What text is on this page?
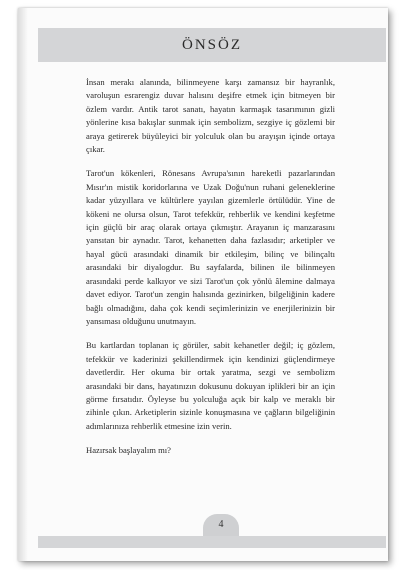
ÖNSÖZ

İnsan merakı alanında, bilinmeyene karşı zamansız bir hayranlık, varoluşun esrarengiz duvar halısını deşifre etmek için bitmeyen bir özlem vardır. Antik tarot sanatı, hayatın karmaşık tasarımının gizli yönlerine kısa bakışlar sunmak için sembolizm, sezgiye iç gözlemi bir araya getirerek büyüleyici bir yolculuk olan bu arayışın içinde ortaya çıkar.

Tarot'un kökenleri, Rönesans Avrupa'sının hareketli pazarlarından Mısır'ın mistik koridorlarına ve Uzak Doğu'nun ruhani geleneklerine kadar yüzyıllara ve kültürlere yayılan gizemlerle örtülüdür. Yine de kökeni ne olursa olsun, Tarot tefekkür, rehberlik ve kendini keşfetme için güçlü bir araç olarak ortaya çıkmıştır. Arayanın iç manzarasını yansıtan bir aynadır. Tarot, kehanetten daha fazlasıdır; arketipler ve hayal gücü arasındaki dinamik bir etkileşim, bilinç ve bilinçaltı arasındaki bir diyalogdur. Bu sayfalarda, bilinen ile bilinmeyen arasındaki perde kalkıyor ve sizi Tarot'un çok yönlü âlemine dalmaya davet ediyor. Tarot'un zengin halısında gezinirken, bilgeliğinin kadere bağlı olmadığını, daha çok kendi seçimlerinizin ve enerjilerinizin bir yansıması olduğunu unutmayın.

Bu kartlardan toplanan iç görüler, sabit kehanetler değil; iç gözlem, tefekkür ve kaderinizi şekillendirmek için kendinizi güçlendirmeye davetlerdir. Her okuma bir ortak yaratma, sezgi ve sembolizm arasındaki bir dans, hayatınızın dokusunu dokuyan iplikleri bir an için görme fırsatıdır. Öyleyse bu yolculuğa açık bir kalp ve meraklı bir zihinle çıkın. Arketiplerin sizinle konuşmasına ve çağların bilgeliğinin adımlarınıza rehberlik etmesine izin verin.

Hazırsak başlayalım mı?

4
